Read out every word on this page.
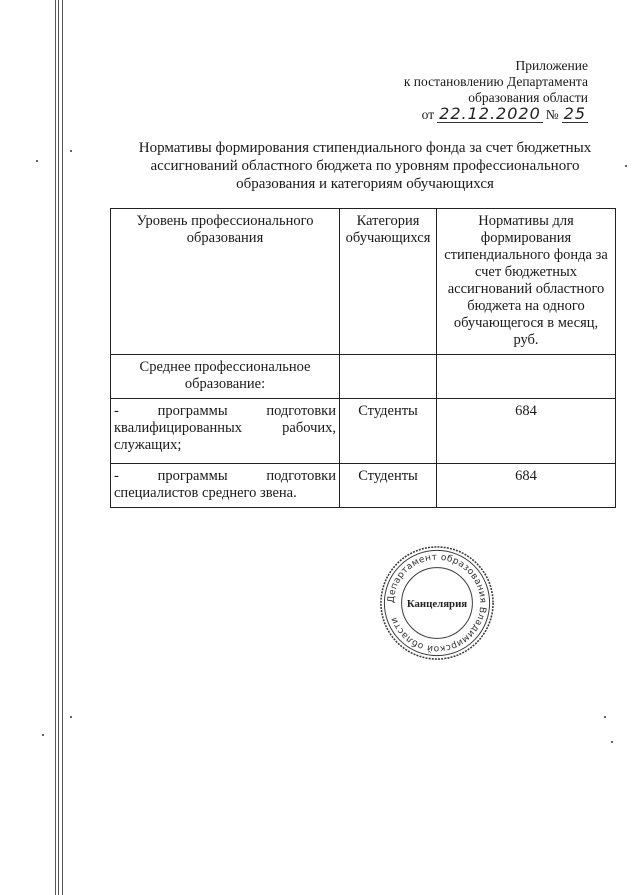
Приложение
к постановлению Департамента
образования области
от 22.12.2020 № 25
Нормативы формирования стипендиального фонда за счет бюджетных ассигнований областного бюджета по уровням профессионального образования и категориям обучающихся
Уровень профессионального образования	Категория обучающихся	Нормативы для формирования стипендиального фонда за счет бюджетных ассигнований областного бюджета на одного обучающегося в месяц, руб.
Среднее профессиональное образование:		
- программы подготовки квалифицированных рабочих, служащих;	Студенты	684
- программы подготовки специалистов среднего звена.	Студенты	684
Департамент образования Владимирской области
Канцелярия
